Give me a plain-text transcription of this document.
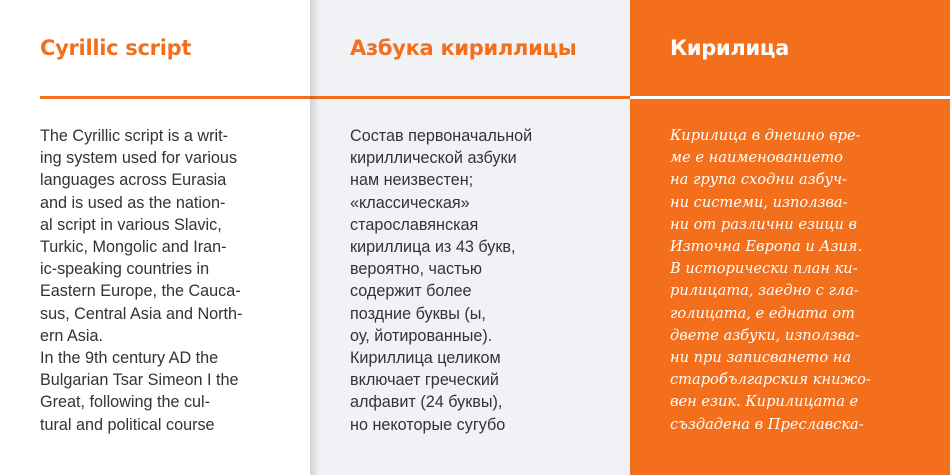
Cyrillic script
The Cyrillic script is a writ-
ing system used for various
languages across Eurasia
and is used as the nation-
al script in various Slavic,
Turkic, Mongolic and Iran-
ic-speaking countries in
Eastern Europe, the Cauca-
sus, Central Asia and North-
ern Asia.
In the 9th century AD the
Bulgarian Tsar Simeon I the
Great, following the cul-
tural and political course
Азбука кириллицы
Состав первоначальной
кириллической азбуки
нам неизвестен;
«классическая»
старославянская
кириллица из 43 букв,
вероятно, частью
содержит более
поздние буквы (ы,
оу, йотированные).
Кириллица целиком
включает греческий
алфавит (24 буквы),
но некоторые сугубо
Кирилица
Кирилица в днешно вре-
ме е наименованието
на група сходни азбуч-
ни системи, използва-
ни от различни езици в
Източна Европа и Азия.
В исторически план ки-
рилицата, заедно с гла-
голицата, е едната от
двете азбуки, използва-
ни при записването на
старобългарския книжо-
вен език. Кирилицата е
създадена в Преславска-
